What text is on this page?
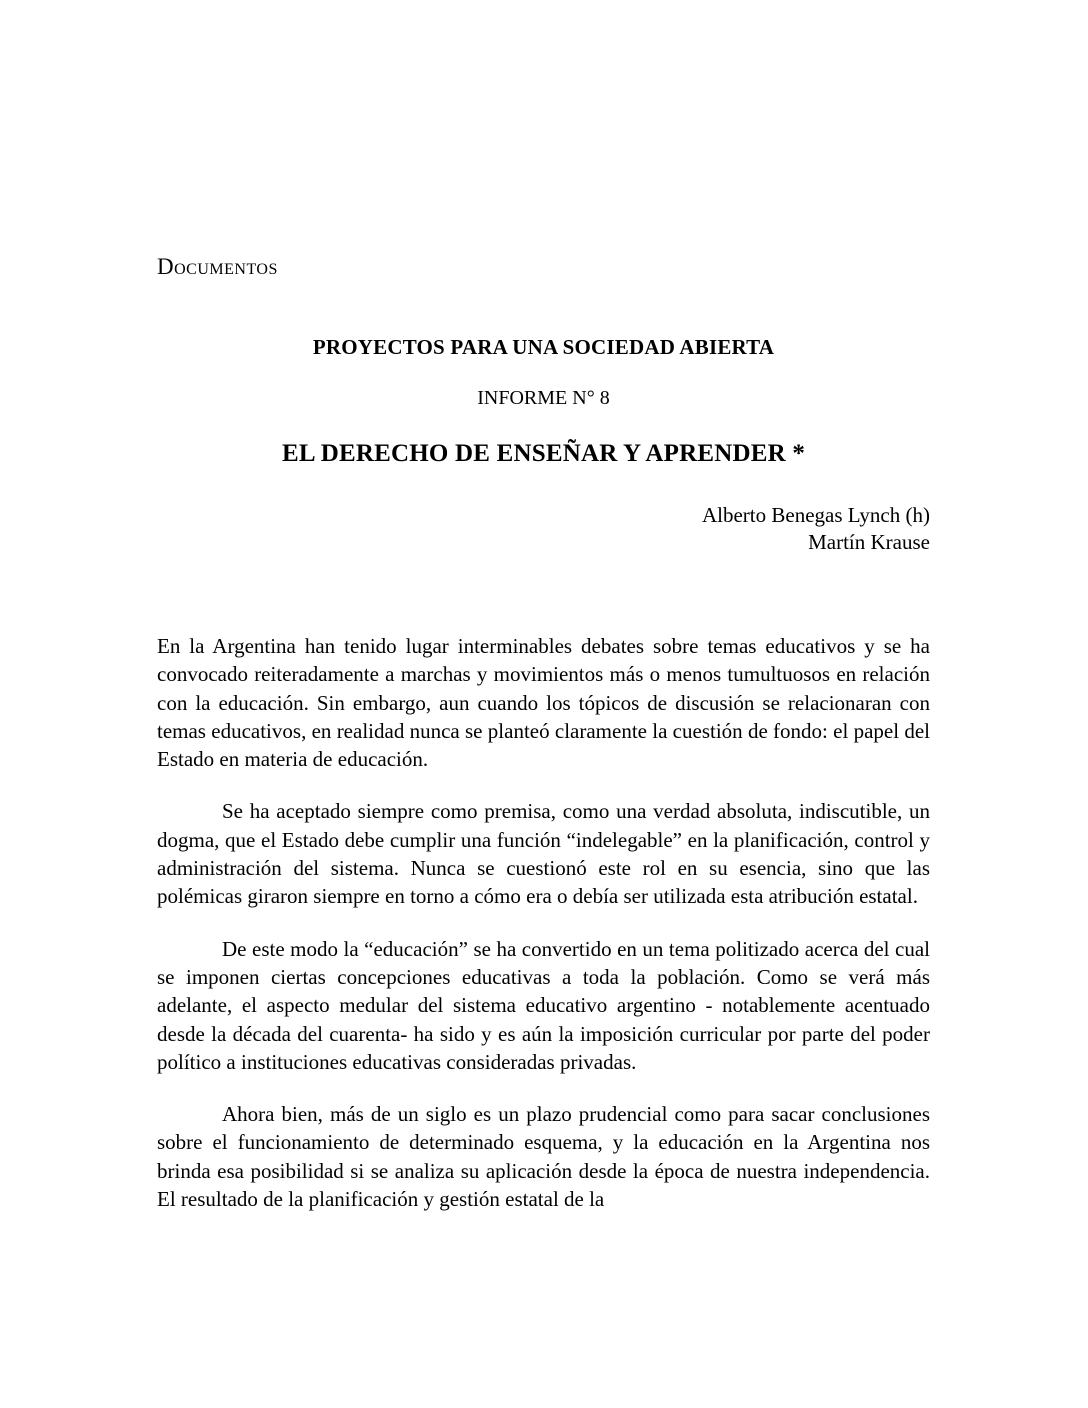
Documentos
PROYECTOS PARA UNA SOCIEDAD ABIERTA
INFORME N° 8
EL DERECHO DE ENSEÑAR Y APRENDER *
Alberto Benegas Lynch (h)
Martín Krause

En la Argentina han tenido lugar interminables debates sobre temas educativos y se ha convocado reiteradamente a marchas y movimientos más o menos tumultuosos en relación con la educación. Sin embargo, aun cuando los tópicos de discusión se relacionaran con temas educativos, en realidad nunca se planteó claramente la cuestión de fondo: el papel del Estado en materia de educación.

Se ha aceptado siempre como premisa, como una verdad absoluta, indiscutible, un dogma, que el Estado debe cumplir una función “indelegable” en la planificación, control y administración del sistema. Nunca se cuestionó este rol en su esencia, sino que las polémicas giraron siempre en torno a cómo era o debía ser utilizada esta atribución estatal.

De este modo la “educación” se ha convertido en un tema politizado acerca del cual se imponen ciertas concepciones educativas a toda la población. Como se verá más adelante, el aspecto medular del sistema educativo argentino - notablemente acentuado desde la década del cuarenta- ha sido y es aún la imposición curricular por parte del poder político a instituciones educativas consideradas privadas.

Ahora bien, más de un siglo es un plazo prudencial como para sacar conclusiones sobre el funcionamiento de determinado esquema, y la educación en la Argentina nos brinda esa posibilidad si se analiza su aplicación desde la época de nuestra independencia. El resultado de la planificación y gestión estatal de la
